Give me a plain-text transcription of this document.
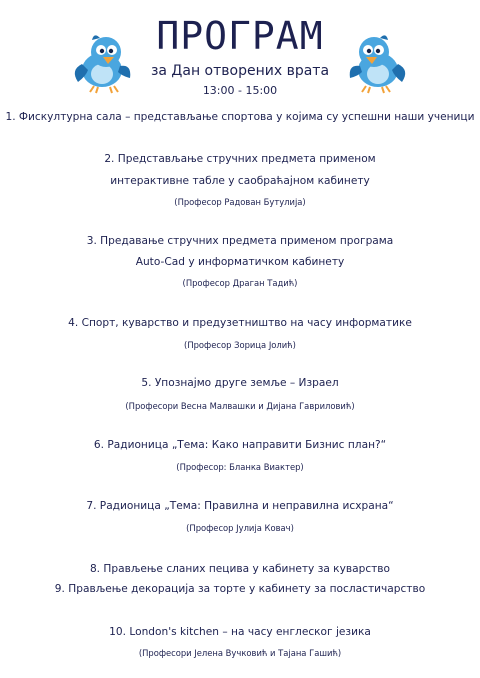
ПРОГРАМ
за Дан отворених врата
13:00 - 15:00
1. Фискултурна сала – представљање спортова у којима су успешни наши ученици
2. Представљање стручних предмета применом
интерактивне табле у саобраћајном кабинету
(Професор Радован Бутулија)
3. Предавање стручних предмета применом програма
Auto-Cad у информатичком кабинету
(Професор Драган Тадић)
4. Спорт, куварство и предузетништво на часу информатике
(Професор Зорица Јолић)
5. Упознајмо друге земље – Израел
(Професори Весна Малвашки и Дијана Гавриловић)
6. Радионица „Тема: Како направити Бизнис план?“
(Професор: Бланка Виактер)
7. Радионица „Тема: Правилна и неправилна исхрана“
(Професор Јулија Ковач)
8. Прављење сланих пецива у кабинету за куварство
9. Прављење декорација за торте у кабинету за посластичарство
10. London's kitchen – на часу енглеског језика
(Професори Јелена Вучковић и Тајана Гашић)
